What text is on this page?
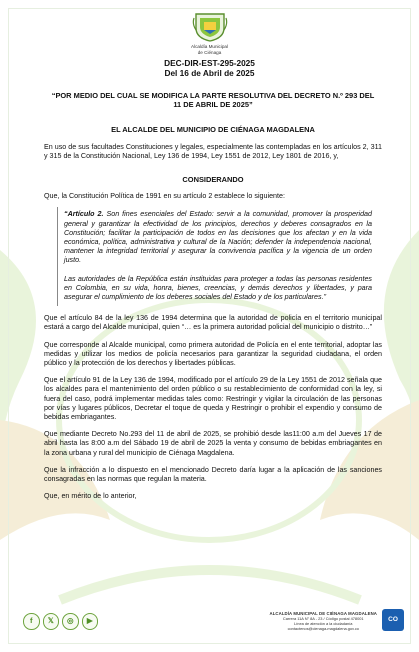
Alcaldía Municipal
de Ciénaga
DEC-DIR-EST-295-2025
Del 16 de Abril de 2025
“POR MEDIO DEL CUAL SE MODIFICA LA PARTE RESOLUTIVA DEL DECRETO N.º 293 DEL 11 DE ABRIL DE 2025”
EL ALCALDE DEL MUNICIPIO DE CIÉNAGA MAGDALENA
En uso de sus facultades Constituciones y legales, especialmente las contempladas en los artículos 2, 311 y 315 de la Constitución Nacional, Ley 136 de 1994, Ley 1551 de 2012, Ley 1801 de 2016, y,
CONSIDERANDO
Que, la Constitución Política de 1991 en su artículo 2 establece lo siguiente:
“Artículo 2. Son fines esenciales del Estado: servir a la comunidad, promover la prosperidad general y garantizar la efectividad de los principios, derechos y deberes consagrados en la Constitución; facilitar la participación de todos en las decisiones que los afectan y en la vida económica, política, administrativa y cultural de la Nación; defender la independencia nacional, mantener la integridad territorial y asegurar la convivencia pacífica y la vigencia de un orden justo.
Las autoridades de la República están instituidas para proteger a todas las personas residentes en Colombia, en su vida, honra, bienes, creencias, y demás derechos y libertades, y para asegurar el cumplimiento de los deberes sociales del Estado y de los particulares.”
Que el artículo 84 de la ley 136 de 1994 determina que la autoridad de policía en el territorio municipal estará a cargo del Alcalde municipal, quien “… es la primera autoridad policial del municipio o distrito…”
Que corresponde al Alcalde municipal, como primera autoridad de Policía en el ente territorial, adoptar las medidas y utilizar los medios de policía necesarios para garantizar la seguridad ciudadana, el orden público y la protección de los derechos y libertades públicas.
Que el artículo 91 de la Ley 136 de 1994, modificado por el artículo 29 de la Ley 1551 de 2012 señala que los alcaldes para el mantenimiento del orden público o su restablecimiento de conformidad con la ley, si fuera del caso, podrá implementar medidas tales como: Restringir y vigilar la circulación de las personas por vías y lugares públicos, Decretar el toque de queda y Restringir o prohibir el expendio y consumo de bebidas embriagantes.
Que mediante Decreto No.293 del 11 de abril de 2025, se prohibió desde las11:00 a.m del Jueves 17 de abril hasta las 8:00 a.m del Sábado 19 de abril de 2025 la venta y consumo de bebidas embriagantes en la zona urbana y rural del municipio de Ciénaga Magdalena.
Que la infracción a lo dispuesto en el mencionado Decreto daría lugar a la aplicación de las sanciones consagradas en las normas que regulan la materia.
Que, en mérito de lo anterior,
f	𝕏	◎	▶
ALCALDÍA MUNICIPAL DE CIÉNAGA MAGDALENA
Carrera 11A N° 8A - 23 / Código postal 478001
Línea de atención a la ciudadanía
contactenos@cienaga-magdalena.gov.co
CO
